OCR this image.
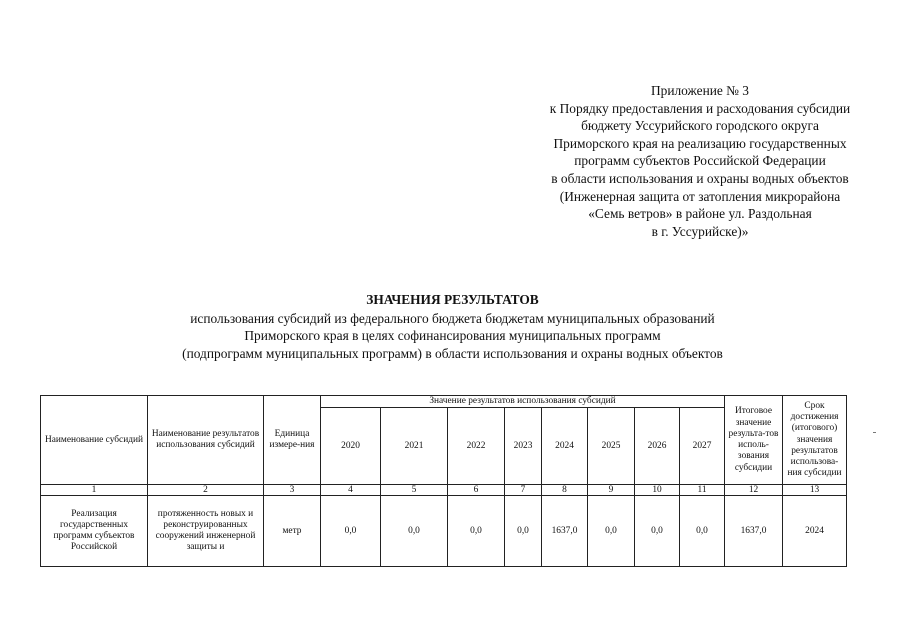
Приложение № 3
к Порядку предоставления и расходования субсидии
бюджету Уссурийского городского округа
Приморского края на реализацию государственных
программ субъектов Российской Федерации
в области использования и охраны водных объектов
(Инженерная защита от затопления микрорайона
«Семь ветров» в районе ул. Раздольная
в г. Уссурийске)»
ЗНАЧЕНИЯ РЕЗУЛЬТАТОВ
использования субсидий из федерального бюджета бюджетам муниципальных образований
Приморского края в целях софинансирования муниципальных программ
(подпрограмм муниципальных программ) в области использования и охраны водных объектов
Наименование субсидий	Наименование результатов использования субсидий	Единица измере-ния	Значение результатов использования субсидий								Итоговое значение результа-тов исполь-зования субсидии	Срок достижения (итогового) значения результатов использова-ния субсидии

			2020	2021	2022	2023	2024	2025	2026	2027		
1	2	3	4	5	6	7	8	9	10	11	12	13
Реализация государственных программ субъектов Российской	протяженность новых и реконструированных сооружений инженерной защиты и	метр	0,0	0,0	0,0	0,0	1637,0	0,0	0,0	0,0	1637,0	2024
